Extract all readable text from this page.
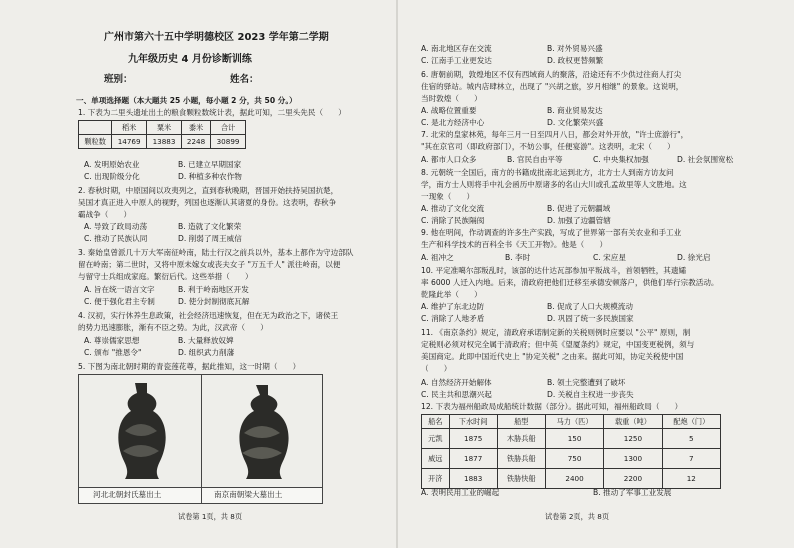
广州市第六十五中学明德校区 2023 学年第二学期
九年级历史 4 月份诊断训练
班别：	姓名：
一、单项选择题（本大题共 25 小题，每小题 2 分，共 50 分。）
1. 下表为二里头遗址出土的粮食颗粒数统计表，据此可知，二里头先民（　　）
	稻米	粟米	黍米	合计
颗粒数	14769	13883	2248	30899
A. 发明原始农业	B. 已建立早期国家
C. 出现阶级分化	D. 种植多种农作物
2. 春秋时期，中原国间以攻夷列之，直到春秋晚期，晋国开始扶持吴国抗楚，
吴国才真正进入中原人的视野，列国也逐渐认其诸夏的身份。这表明，春秋争
霸战争（　　）
A. 导致了政局动荡	B. 造就了文化繁荣
C. 推动了民族认同	D. 削弱了周王威信
3. 秦始皇曾派几十万大军南征岭南，陆士行汉之前兵以外，基本上都作为守边部队
留在岭南；第二世时，又将中原未嫁女或丧夫女子 "万五千人" 派往岭南，以便
与留守士兵组成家庭。繁衍后代。这些举措（　　）
A. 旨在统一语言文字	B. 利于岭南地区开发
C. 便于强化君主专制	D. 使分封制彻底瓦解
4. 汉初，实行休养生息政策，社会经济迅速恢复，但在无为政治之下，诸侯王
的势力迅速膨胀，渐有不臣之势。为此，汉武帝（　　）
A. 尊崇儒家思想	B. 大量释放奴婢
C. 颁布 "推恩令"	D. 组织武力削藩
5. 下图为南北朝时期的青瓷莲花尊，据此推知，这一时期（　　）
河北北朝封氏墓出土	南京南朝梁大墓出土
试卷第 1页，共 8页
A. 南北地区存在交流	B. 对外贸易兴盛
C. 江南手工业更发达	D. 政权更替频繁
6. 唐朝前期，敦煌地区不仅有西域商人的聚落，沿途还有不少供过往商人打尖
住宿的驿站。城内店肆林立，出现了 "兴胡之旅，岁月相继" 的景象。这说明，
当时敦煌（　　）
A. 战略位置重要	B. 商业贸易发达
C. 是北方经济中心	D. 文化繁荣兴盛
7. 北宋的皇家林苑，每年三月一日至四月八日，都会对外开放，"许士庶游行"，
"其在京官司（即政府部门），不妨公事，任便宴游"。这表明，北宋（　　）
A. 都市人口众多	B. 官民自由平等	C. 中央集权加强	D. 社会氛围宽松
8. 元朝统一全国后，南方的书籍成批南北运到北方，北方士人到南方访友问
学，南方士人则将手中礼会函历中原诸多的名山大川或孔孟故里等人文胜地。这
一现象（　　）
A. 推动了文化交流	B. 促进了元朝疆域
C. 消除了民族隔阂	D. 加强了边疆管辖
9. 他在明间，作动调查的许多生产实践，写成了世界第一部有关农业和手工业
生产和科学技术的百科全书《天工开物》。他是（　　）
A. 祖冲之	B. 李时	C. 宋应星	D. 徐光启
10. 平定准噶尔部叛乱时，该部的达什达瓦部参加平叛战斗，首领牺牲，其遗孀
率 6000 人迁入内地。后来，清政府把他们迁移至承德安顿落户，供他们举行宗教活动。
乾隆此举（　　）
A. 维护了东北边防	B. 促成了人口大规模流动
C. 消除了人地矛盾	D. 巩固了统一多民族国家
11. 《南京条约》规定，清政府承诺制定新的关税则例时应要以 "公平" 原则，制
定税则必须对权完全属于清政府；但中英《望厦条约》规定，中国变更税例，须与
美国商定。此即中国近代史上 "协定关税" 之由来。据此可知，协定关税使中国
（　　）
A. 自然经济开始解体	B. 领土完整遭到了破坏
C. 民主共和思潮兴起	D. 关税自主权进一步丧失
12. 下表为福州船政局成船统计数据（部分）。据此可知，福州船政局（　　）
船名	下水时间	船型	马力（匹）	载重（吨）	配炮（门）
元凯	1875	木胁兵船	150	1250	5
威远	1877	铁胁兵船	750	1300	7
开济	1883	铁胁快船	2400	2200	12
A. 表明民用工业的崛起	B. 推动了军事工业发展
试卷第 2页，共 8页
